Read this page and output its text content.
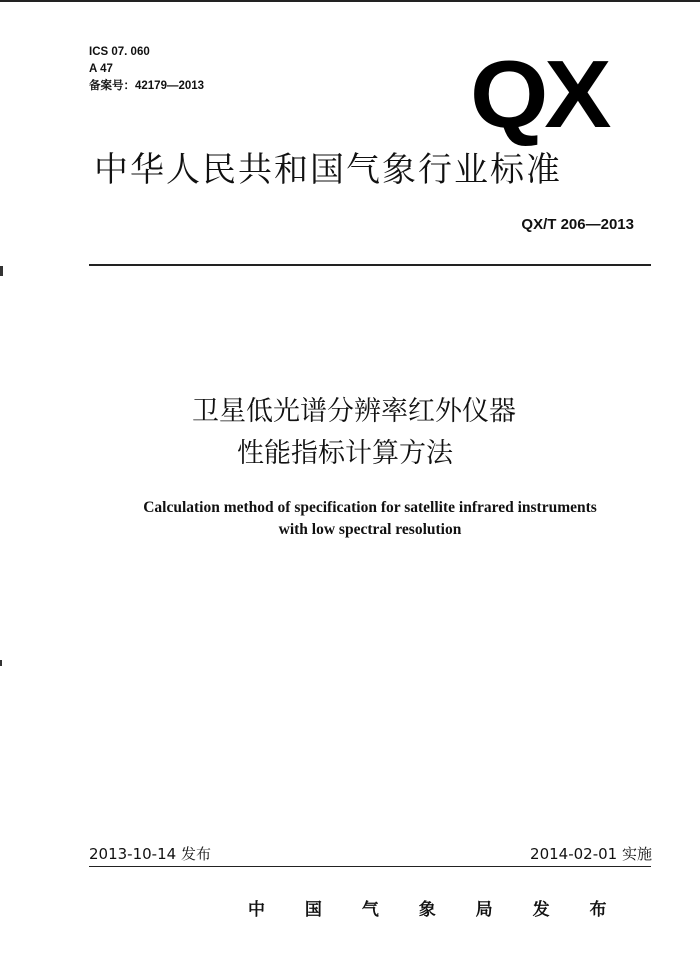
ICS 07. 060
A 47
备案号：42179—2013	QX
中华人民共和国气象行业标准
QX/T 206—2013
卫星低光谱分辨率红外仪器
性能指标计算方法
Calculation method of specification for satellite infrared instruments
with low spectral resolution
2013-10-14 发布	2014-02-01 实施
中 国 气 象 局 发 布
